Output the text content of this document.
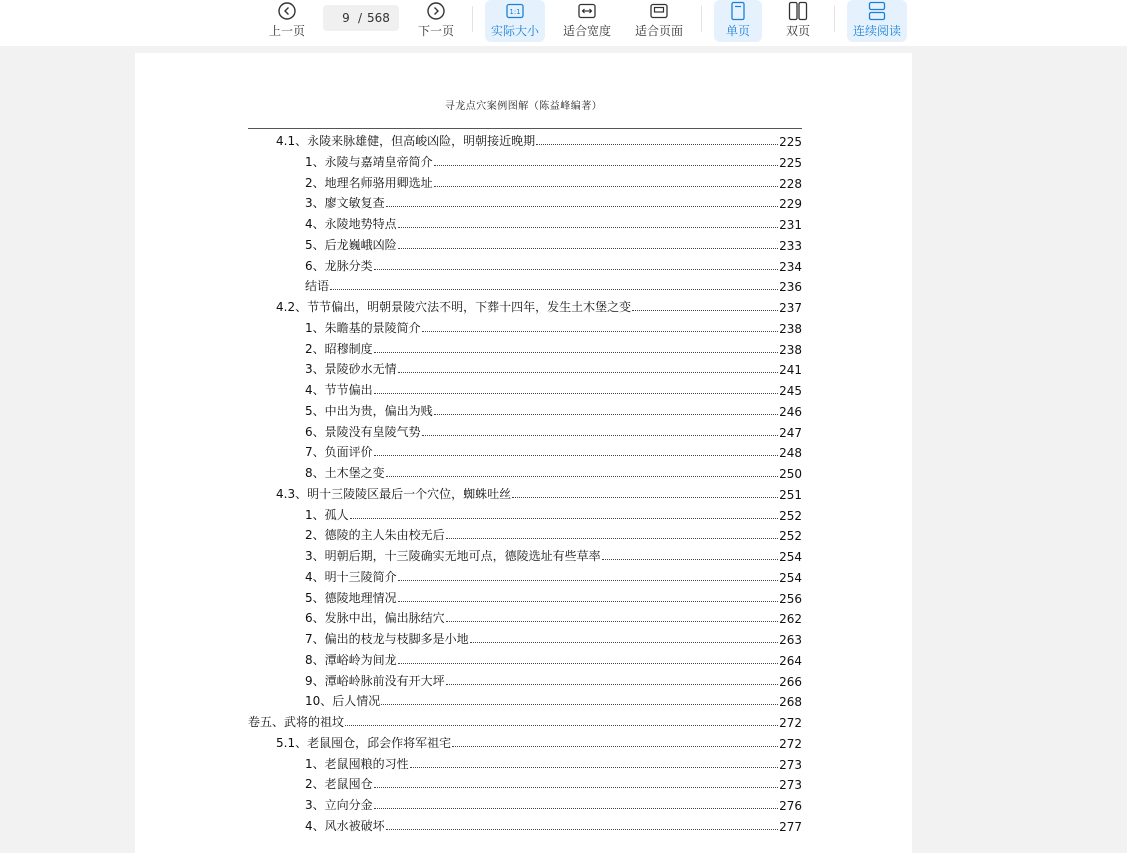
上一页
9 / 568
下一页
1:1
实际大小 适合宽度 适合页面	单页	双页	连续阅读
寻龙点穴案例图解（陈益峰编著）
4.1、永陵来脉雄健，但高峻凶险，明朝接近晚期	225
1、永陵与嘉靖皇帝简介	225
2、地理名师骆用卿选址	228
3、廖文敏复查	229
4、永陵地势特点	231
5、后龙巍峨凶险	233
6、龙脉分类	234
结语	236
4.2、节节偏出，明朝景陵穴法不明，下葬十四年，发生土木堡之变	237
1、朱瞻基的景陵简介	238
2、昭穆制度	238
3、景陵砂水无情	241
4、节节偏出	245
5、中出为贵，偏出为贱	246
6、景陵没有皇陵气势	247
7、负面评价	248
8、土木堡之变	250
4.3、明十三陵陵区最后一个穴位，蜘蛛吐丝	251
1、孤人	252
2、德陵的主人朱由校无后	252
3、明朝后期，十三陵确实无地可点，德陵选址有些草率	254
4、明十三陵简介	254
5、德陵地理情况	256
6、发脉中出，偏出脉结穴	262
7、偏出的枝龙与枝脚多是小地	263
8、潭峪岭为间龙	264
9、潭峪岭脉前没有开大坪	266
10、后人情况	268
卷五、武将的祖坟	272
5.1、老鼠囤仓，邱会作将军祖宅	272
1、老鼠囤粮的习性	273
2、老鼠囤仓	273
3、立向分金	276
4、风水被破坏	277
